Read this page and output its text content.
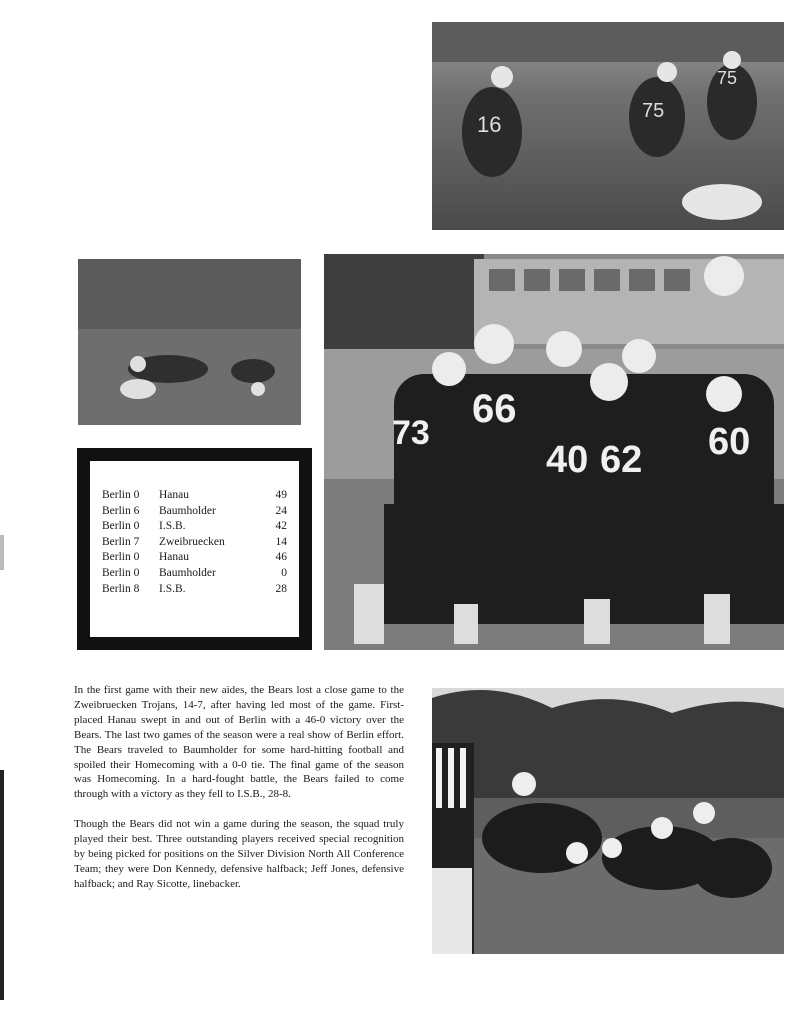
16
75
75
73
66
40 62 60
Berlin 0	Hanau	49
Berlin 6	Baumholder	24
Berlin 0	I.S.B.	42
Berlin 7	Zweibruecken	14
Berlin 0	Hanau	46
Berlin 0	Baumholder	0
Berlin 8	I.S.B.	28

In the first game with their new aides, the Bears lost a close game to the Zweibruecken Trojans, 14-7, after having led most of the game. First-placed Hanau swept in and out of Berlin with a 46-0 victory over the Bears. The last two games of the season were a real show of Berlin effort. The Bears traveled to Baumholder for some hard-hitting football and spoiled their Homecoming with a 0-0 tie. The final game of the season was Homecoming. In a hard-fought battle, the Bears failed to come through with a victory as they fell to I.S.B., 28-8.

Though the Bears did not win a game during the season, the squad truly played their best. Three outstanding players received special recognition by being picked for positions on the Silver Division North All Conference Team; they were Don Kennedy, defensive halfback; Jeff Jones, defensive halfback; and Ray Sicotte, linebacker.
